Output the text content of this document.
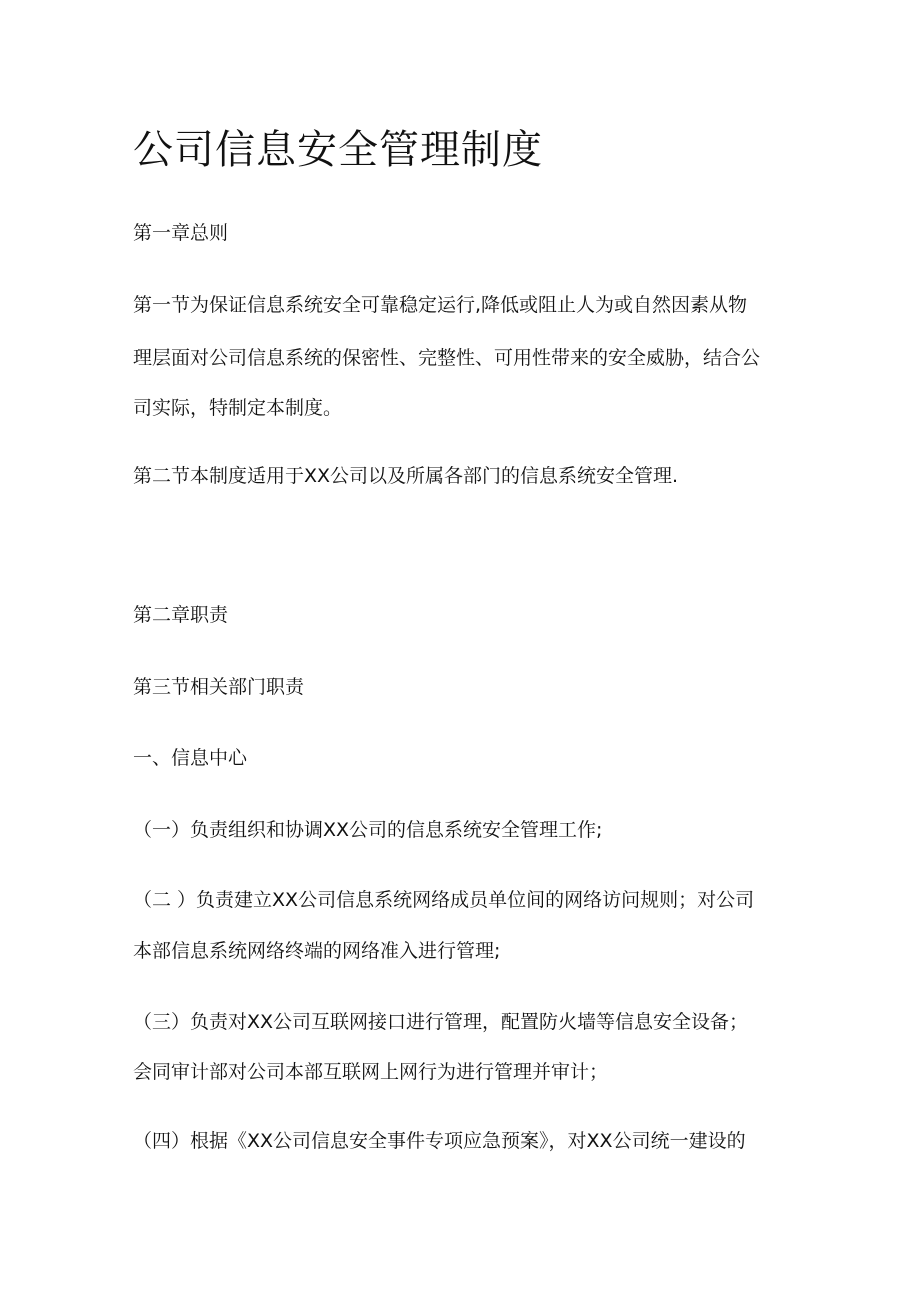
公司信息安全管理制度

第一章总则

第一节为保证信息系统安全可靠稳定运行,降低或阻止人为或自然因素从物

理层面对公司信息系统的保密性、完整性、可用性带来的安全威胁，结合公

司实际，特制定本制度。

第二节本制度适用于XX公司以及所属各部门的信息系统安全管理.

第二章职责

第三节相关部门职责

一、信息中心

（一）负责组织和协调XX公司的信息系统安全管理工作;

（二 ）负责建立XX公司信息系统网络成员单位间的网络访问规则；对公司

本部信息系统网络终端的网络准入进行管理;

（三）负责对XX公司互联网接口进行管理，配置防火墙等信息安全设备；

会同审计部对公司本部互联网上网行为进行管理并审计；

（四）根据《XX公司信息安全事件专项应急预案》，对XX公司统一建设的
